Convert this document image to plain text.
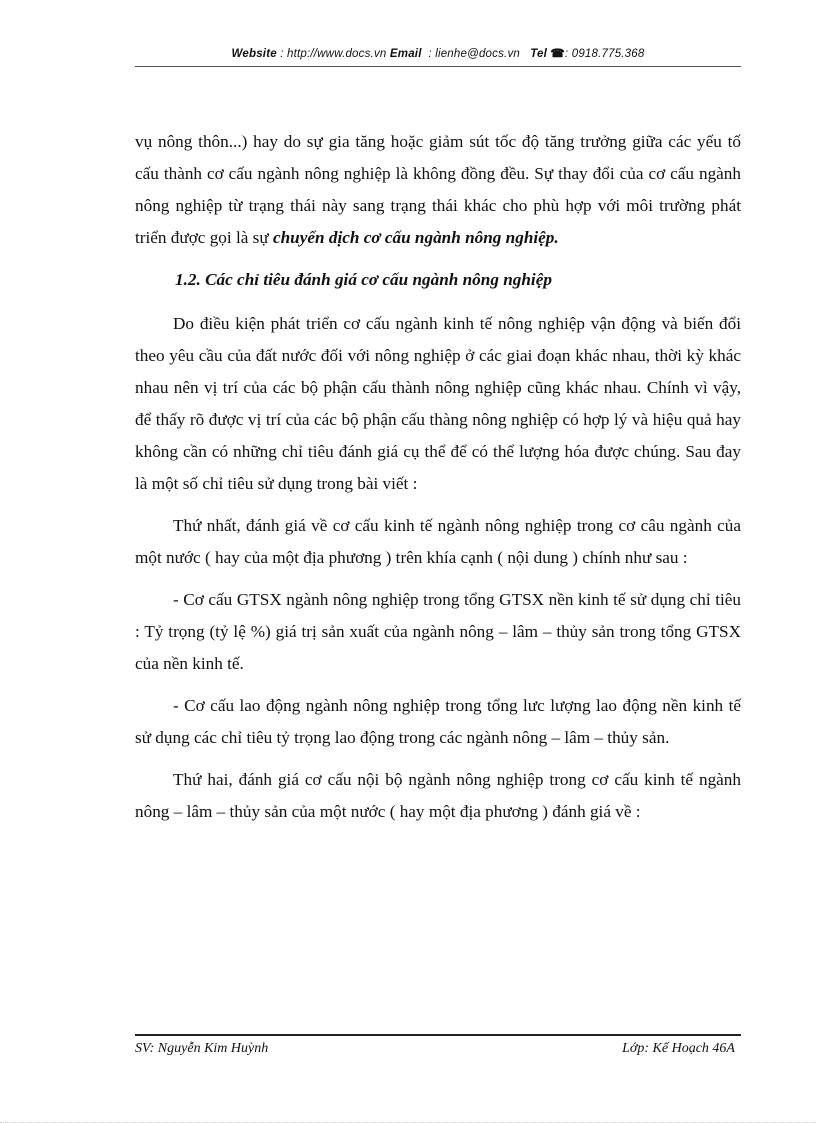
Website : http://www.docs.vn Email  : lienhe@docs.vn Tel ☎: 0918.775.368

vụ nông thôn...) hay do sự gia tăng hoặc giảm sút tốc độ tăng trưởng giữa các yếu tố cấu thành cơ cấu ngành nông nghiệp là không đồng đều. Sự thay đổi của cơ cấu ngành nông nghiệp từ trạng thái này sang trạng thái khác cho phù hợp với môi trường phát triển được gọi là sự chuyển dịch cơ cấu ngành nông nghiệp.

1.2. Các chỉ tiêu đánh giá cơ cấu ngành nông nghiệp

Do điều kiện phát triển cơ cấu ngành kinh tế nông nghiệp vận động và biến đổi theo yêu cầu của đất nước đối với nông nghiệp ở các giai đoạn khác nhau, thời kỳ khác nhau nên vị trí của các bộ phận cấu thành nông nghiệp cũng khác nhau. Chính vì vậy, để thấy rõ được vị trí của các bộ phận cấu thàng nông nghiệp có hợp lý và hiệu quả hay không cần có những chỉ tiêu đánh giá cụ thể để có thể lượng hóa được chúng. Sau đay là một số chỉ tiêu sử dụng trong bài viết :

Thứ nhất, đánh giá về cơ cấu kinh tế ngành nông nghiệp trong cơ câu ngành của một nước ( hay của một địa phương ) trên khía cạnh ( nội dung ) chính như sau :

- Cơ cấu GTSX ngành nông nghiệp trong tổng GTSX nền kinh tế sử dụng chỉ tiêu : Tỷ trọng (tỷ lệ %) giá trị sản xuất của ngành nông – lâm – thủy sản trong tổng GTSX của nền kinh tế.

- Cơ cấu lao động ngành nông nghiệp trong tổng lưc lượng lao động nền kinh tế sử dụng các chỉ tiêu tỷ trọng lao động trong các ngành nông – lâm – thủy sản.

Thứ hai, đánh giá cơ cấu nội bộ ngành nông nghiệp trong cơ cấu kinh tế ngành nông – lâm – thủy sản của một nước ( hay một địa phương ) đánh giá về :

SV: Nguyễn Kim Huỳnh	Lớp: Kế Hoạch 46A
